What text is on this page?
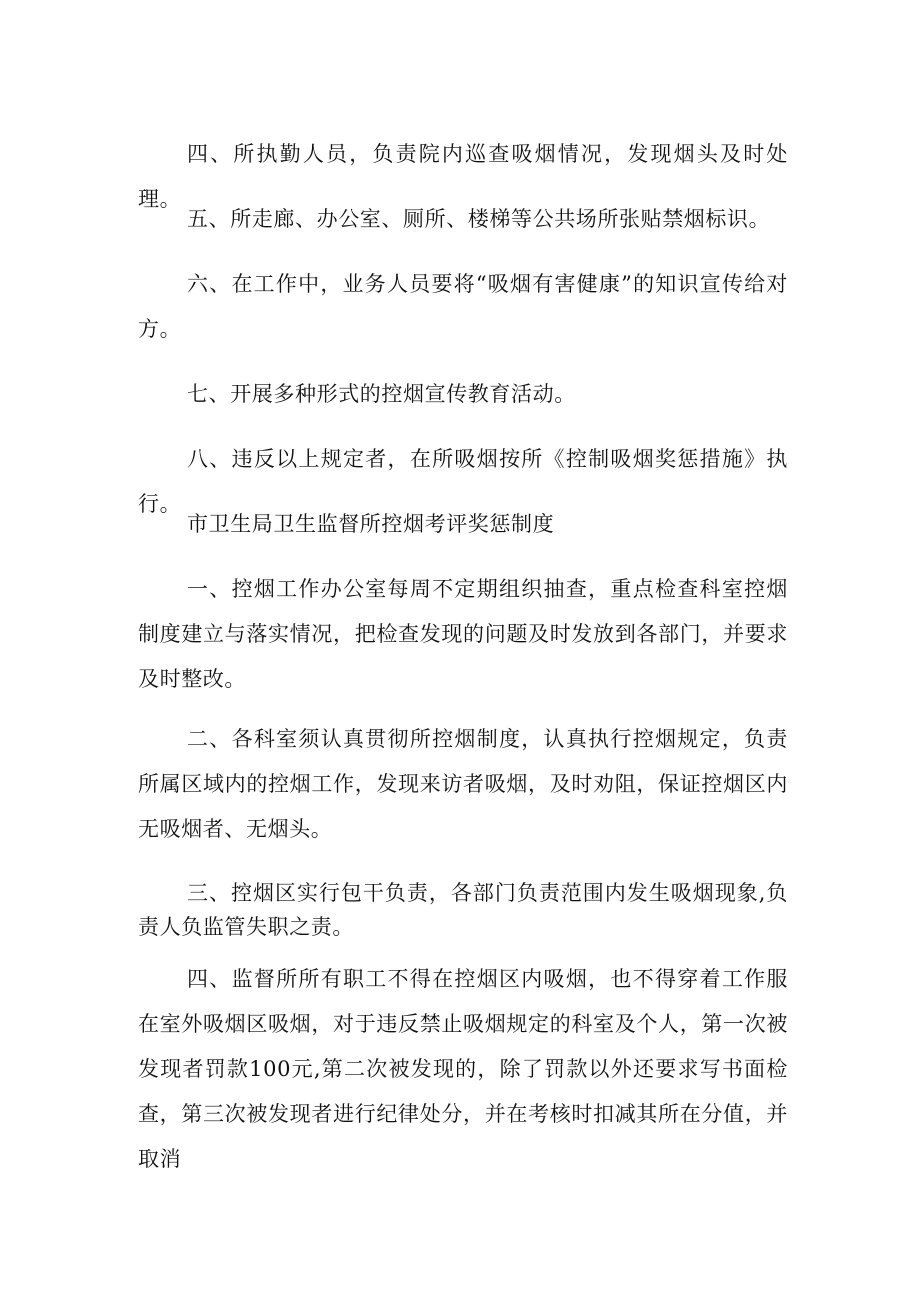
四、所执勤人员，负责院内巡查吸烟情况，发现烟头及时处理。

五、所走廊、办公室、厕所、楼梯等公共场所张贴禁烟标识。

六、在工作中，业务人员要将“吸烟有害健康”的知识宣传给对方。

七、开展多种形式的控烟宣传教育活动。

八、违反以上规定者，在所吸烟按所《控制吸烟奖惩措施》执行。

市卫生局卫生监督所控烟考评奖惩制度

一、控烟工作办公室每周不定期组织抽查，重点检查科室控烟制度建立与落实情况，把检查发现的问题及时发放到各部门，并要求及时整改。

二、各科室须认真贯彻所控烟制度，认真执行控烟规定，负责所属区域内的控烟工作，发现来访者吸烟，及时劝阻，保证控烟区内无吸烟者、无烟头。

三、控烟区实行包干负责，各部门负责范围内发生吸烟现象,负责人负监管失职之责。

四、监督所所有职工不得在控烟区内吸烟，也不得穿着工作服在室外吸烟区吸烟，对于违反禁止吸烟规定的科室及个人，第一次被发现者罚款100元,第二次被发现的，除了罚款以外还要求写书面检查，第三次被发现者进行纪律处分，并在考核时扣减其所在分值，并取消
